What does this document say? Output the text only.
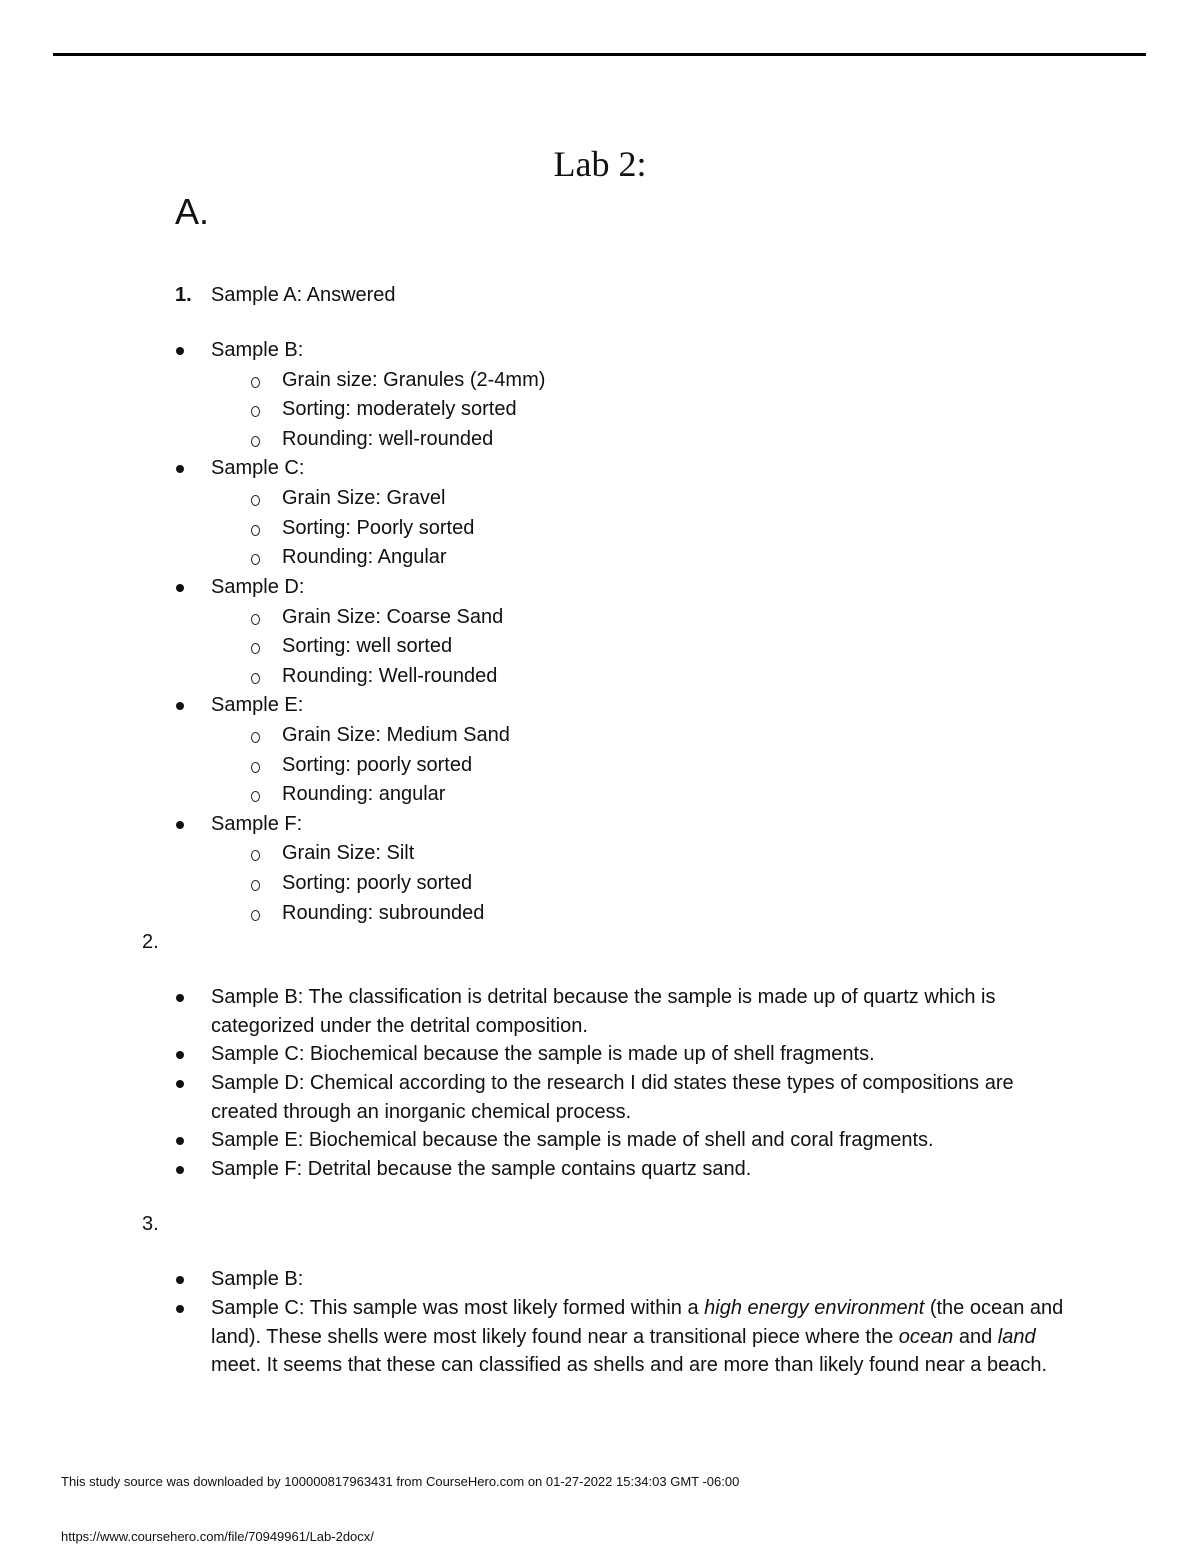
Lab 2:
A.
1. Sample A: Answered
Sample B:
Grain size: Granules (2-4mm)
Sorting: moderately sorted
Rounding: well-rounded
Sample C:
Grain Size: Gravel
Sorting: Poorly sorted
Rounding: Angular
Sample D:
Grain Size: Coarse Sand
Sorting: well sorted
Rounding: Well-rounded
Sample E:
Grain Size: Medium Sand
Sorting: poorly sorted
Rounding: angular
Sample F:
Grain Size: Silt
Sorting: poorly sorted
Rounding: subrounded
2.
Sample B: The classification is detrital because the sample is made up of quartz which is categorized under the detrital composition.
Sample C: Biochemical because the sample is made up of shell fragments.
Sample D: Chemical according to the research I did states these types of compositions are created through an inorganic chemical process.
Sample E: Biochemical because the sample is made of shell and coral fragments.
Sample F: Detrital because the sample contains quartz sand.
3.
Sample B:
Sample C: This sample was most likely formed within a high energy environment (the ocean and land). These shells were most likely found near a transitional piece where the ocean and land meet. It seems that these can classified as shells and are more than likely found near a beach.
This study source was downloaded by 100000817963431 from CourseHero.com on 01-27-2022 15:34:03 GMT -06:00
https://www.coursehero.com/file/70949961/Lab-2docx/
